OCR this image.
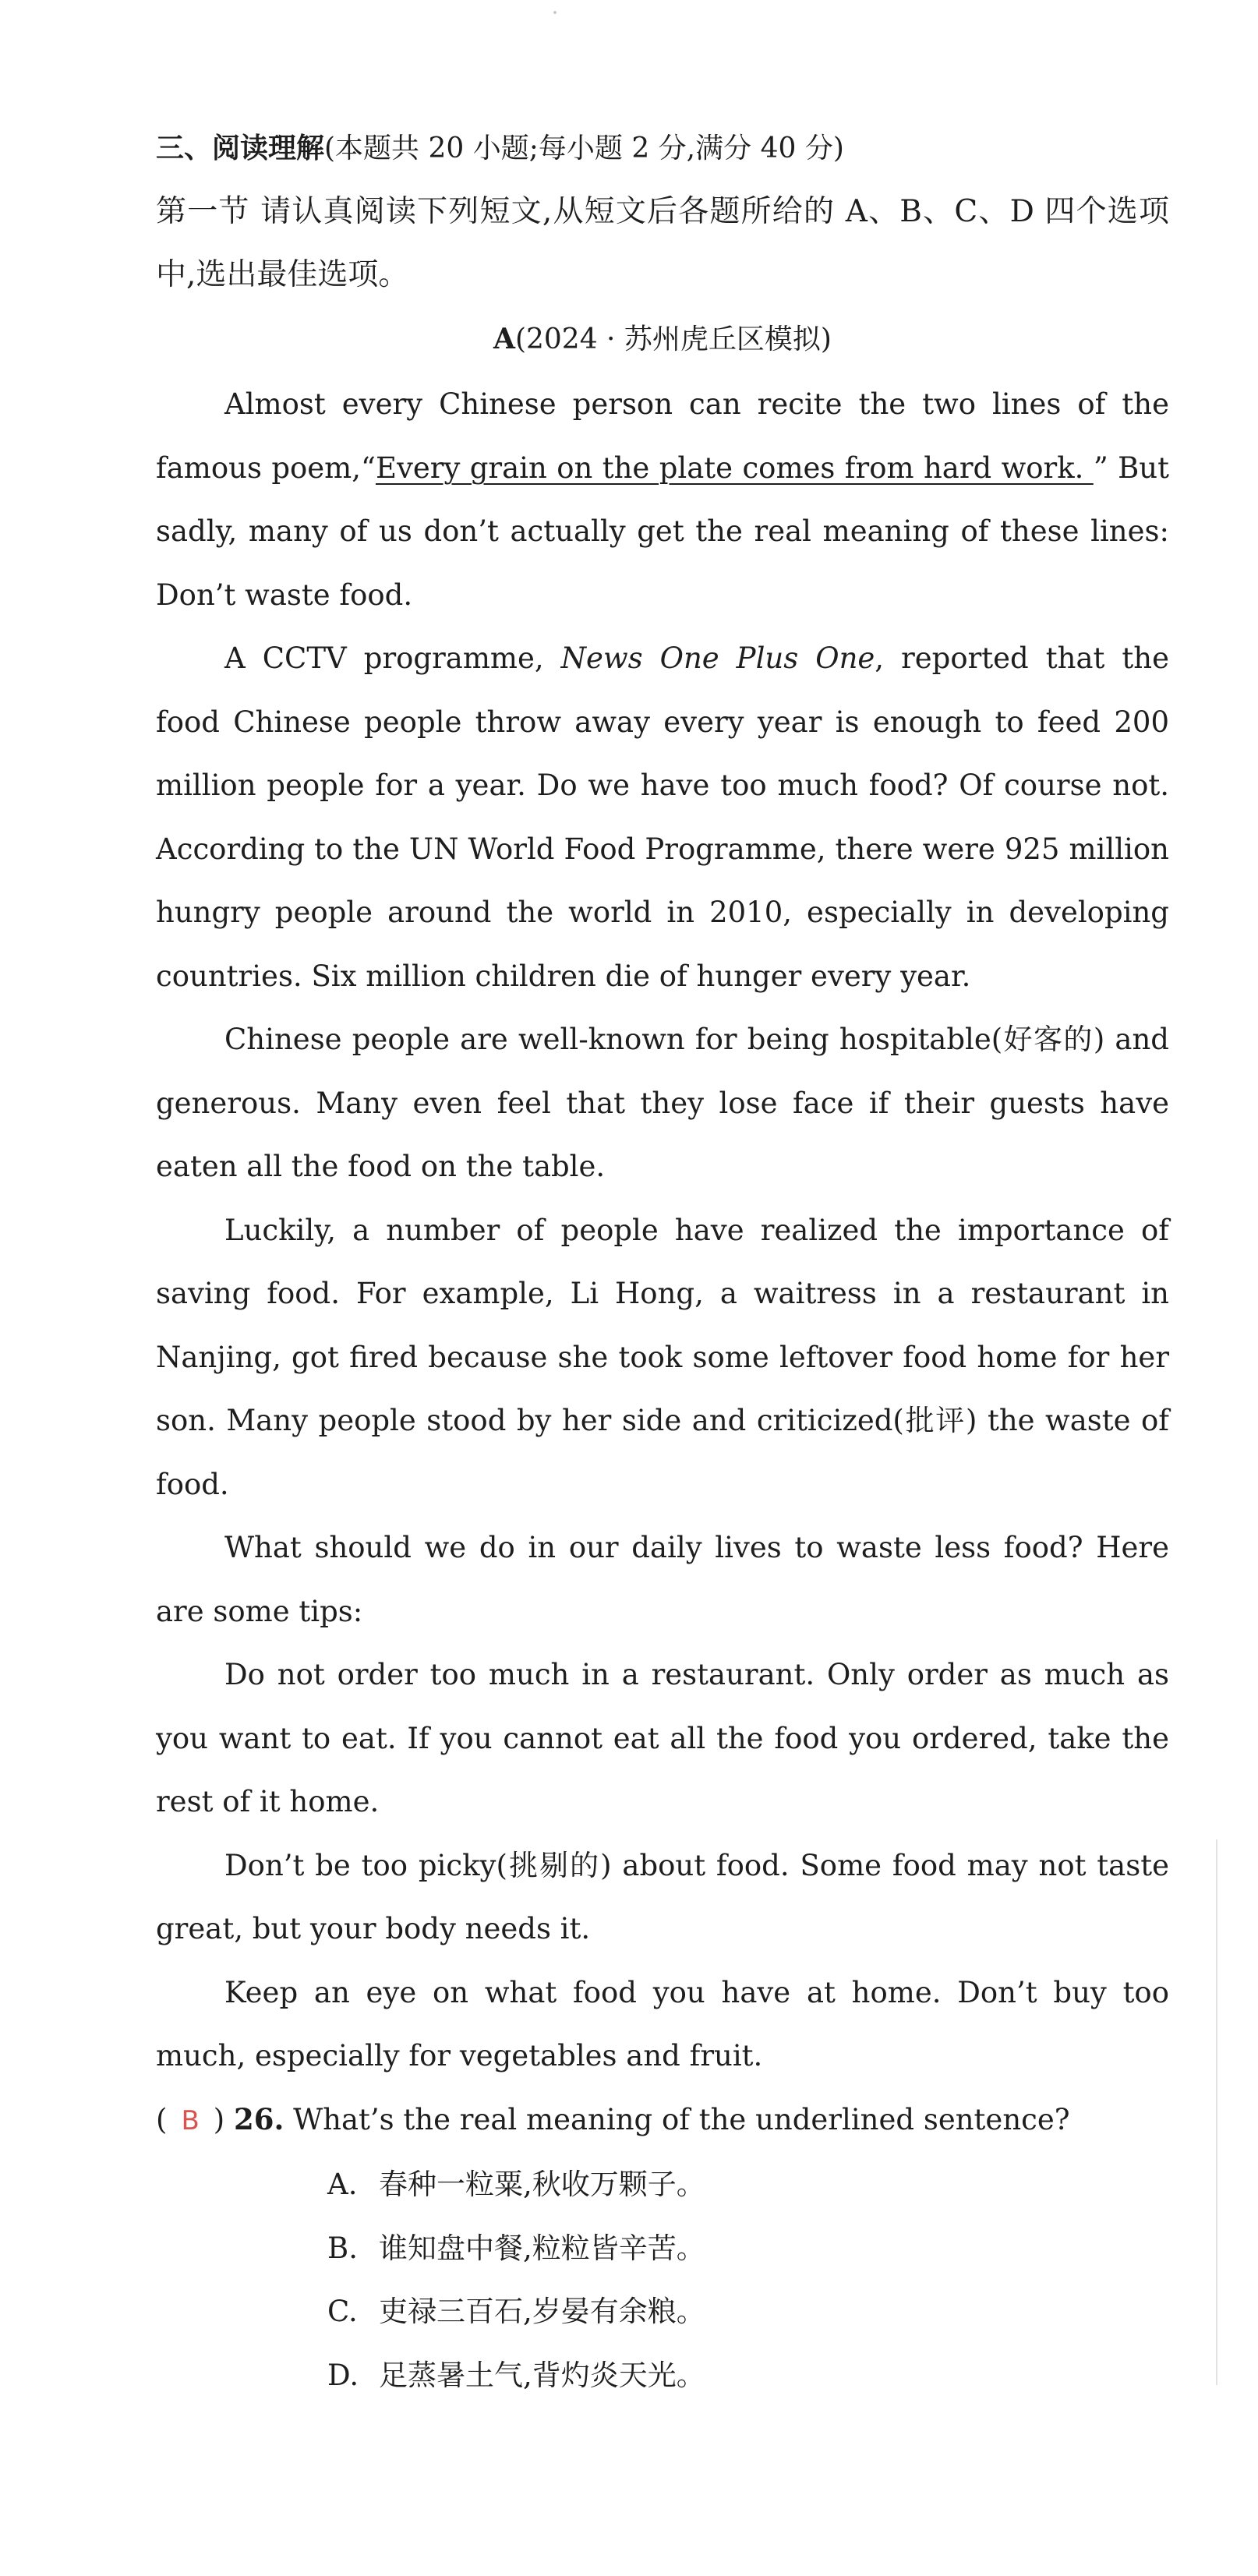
三、阅读理解(本题共 20 小题;每小题 2 分,满分 40 分)

第一节 请认真阅读下列短文,从短文后各题所给的 A、B、C、D 四个选项中,选出最佳选项。

A(2024 · 苏州虎丘区模拟)

Almost every Chinese person can recite the two lines of the famous poem,“Every grain on the plate comes from hard work. ” But sadly, many of us don’t actually get the real meaning of these lines: Don’t waste food.

A CCTV programme, News One Plus One, reported that the food Chinese people throw away every year is enough to feed 200 million people for a year. Do we have too much food? Of course not. According to the UN World Food Programme, there were 925 million hungry people around the world in 2010, especially in developing countries. Six million children die of hunger every year.

Chinese people are well-known for being hospitable(好客的) and generous. Many even feel that they lose face if their guests have eaten all the food on the table.

Luckily, a number of people have realized the importance of saving food. For example, Li Hong, a waitress in a restaurant in Nanjing, got fired because she took some leftover food home for her son. Many people stood by her side and criticized(批评) the waste of food.

What should we do in our daily lives to waste less food? Here are some tips:

Do not order too much in a restaurant. Only order as much as you want to eat. If you cannot eat all the food you ordered, take the rest of it home.

Don’t be too picky(挑剔的) about food. Some food may not taste great, but your body needs it.

Keep an eye on what food you have at home. Don’t buy too much, especially for vegetables and fruit.

( B ) 26. What’s the real meaning of the underlined sentence?

A. 春种一粒粟,秋收万颗子。
B. 谁知盘中餐,粒粒皆辛苦。
C. 吏禄三百石,岁晏有余粮。
D. 足蒸暑土气,背灼炎天光。
